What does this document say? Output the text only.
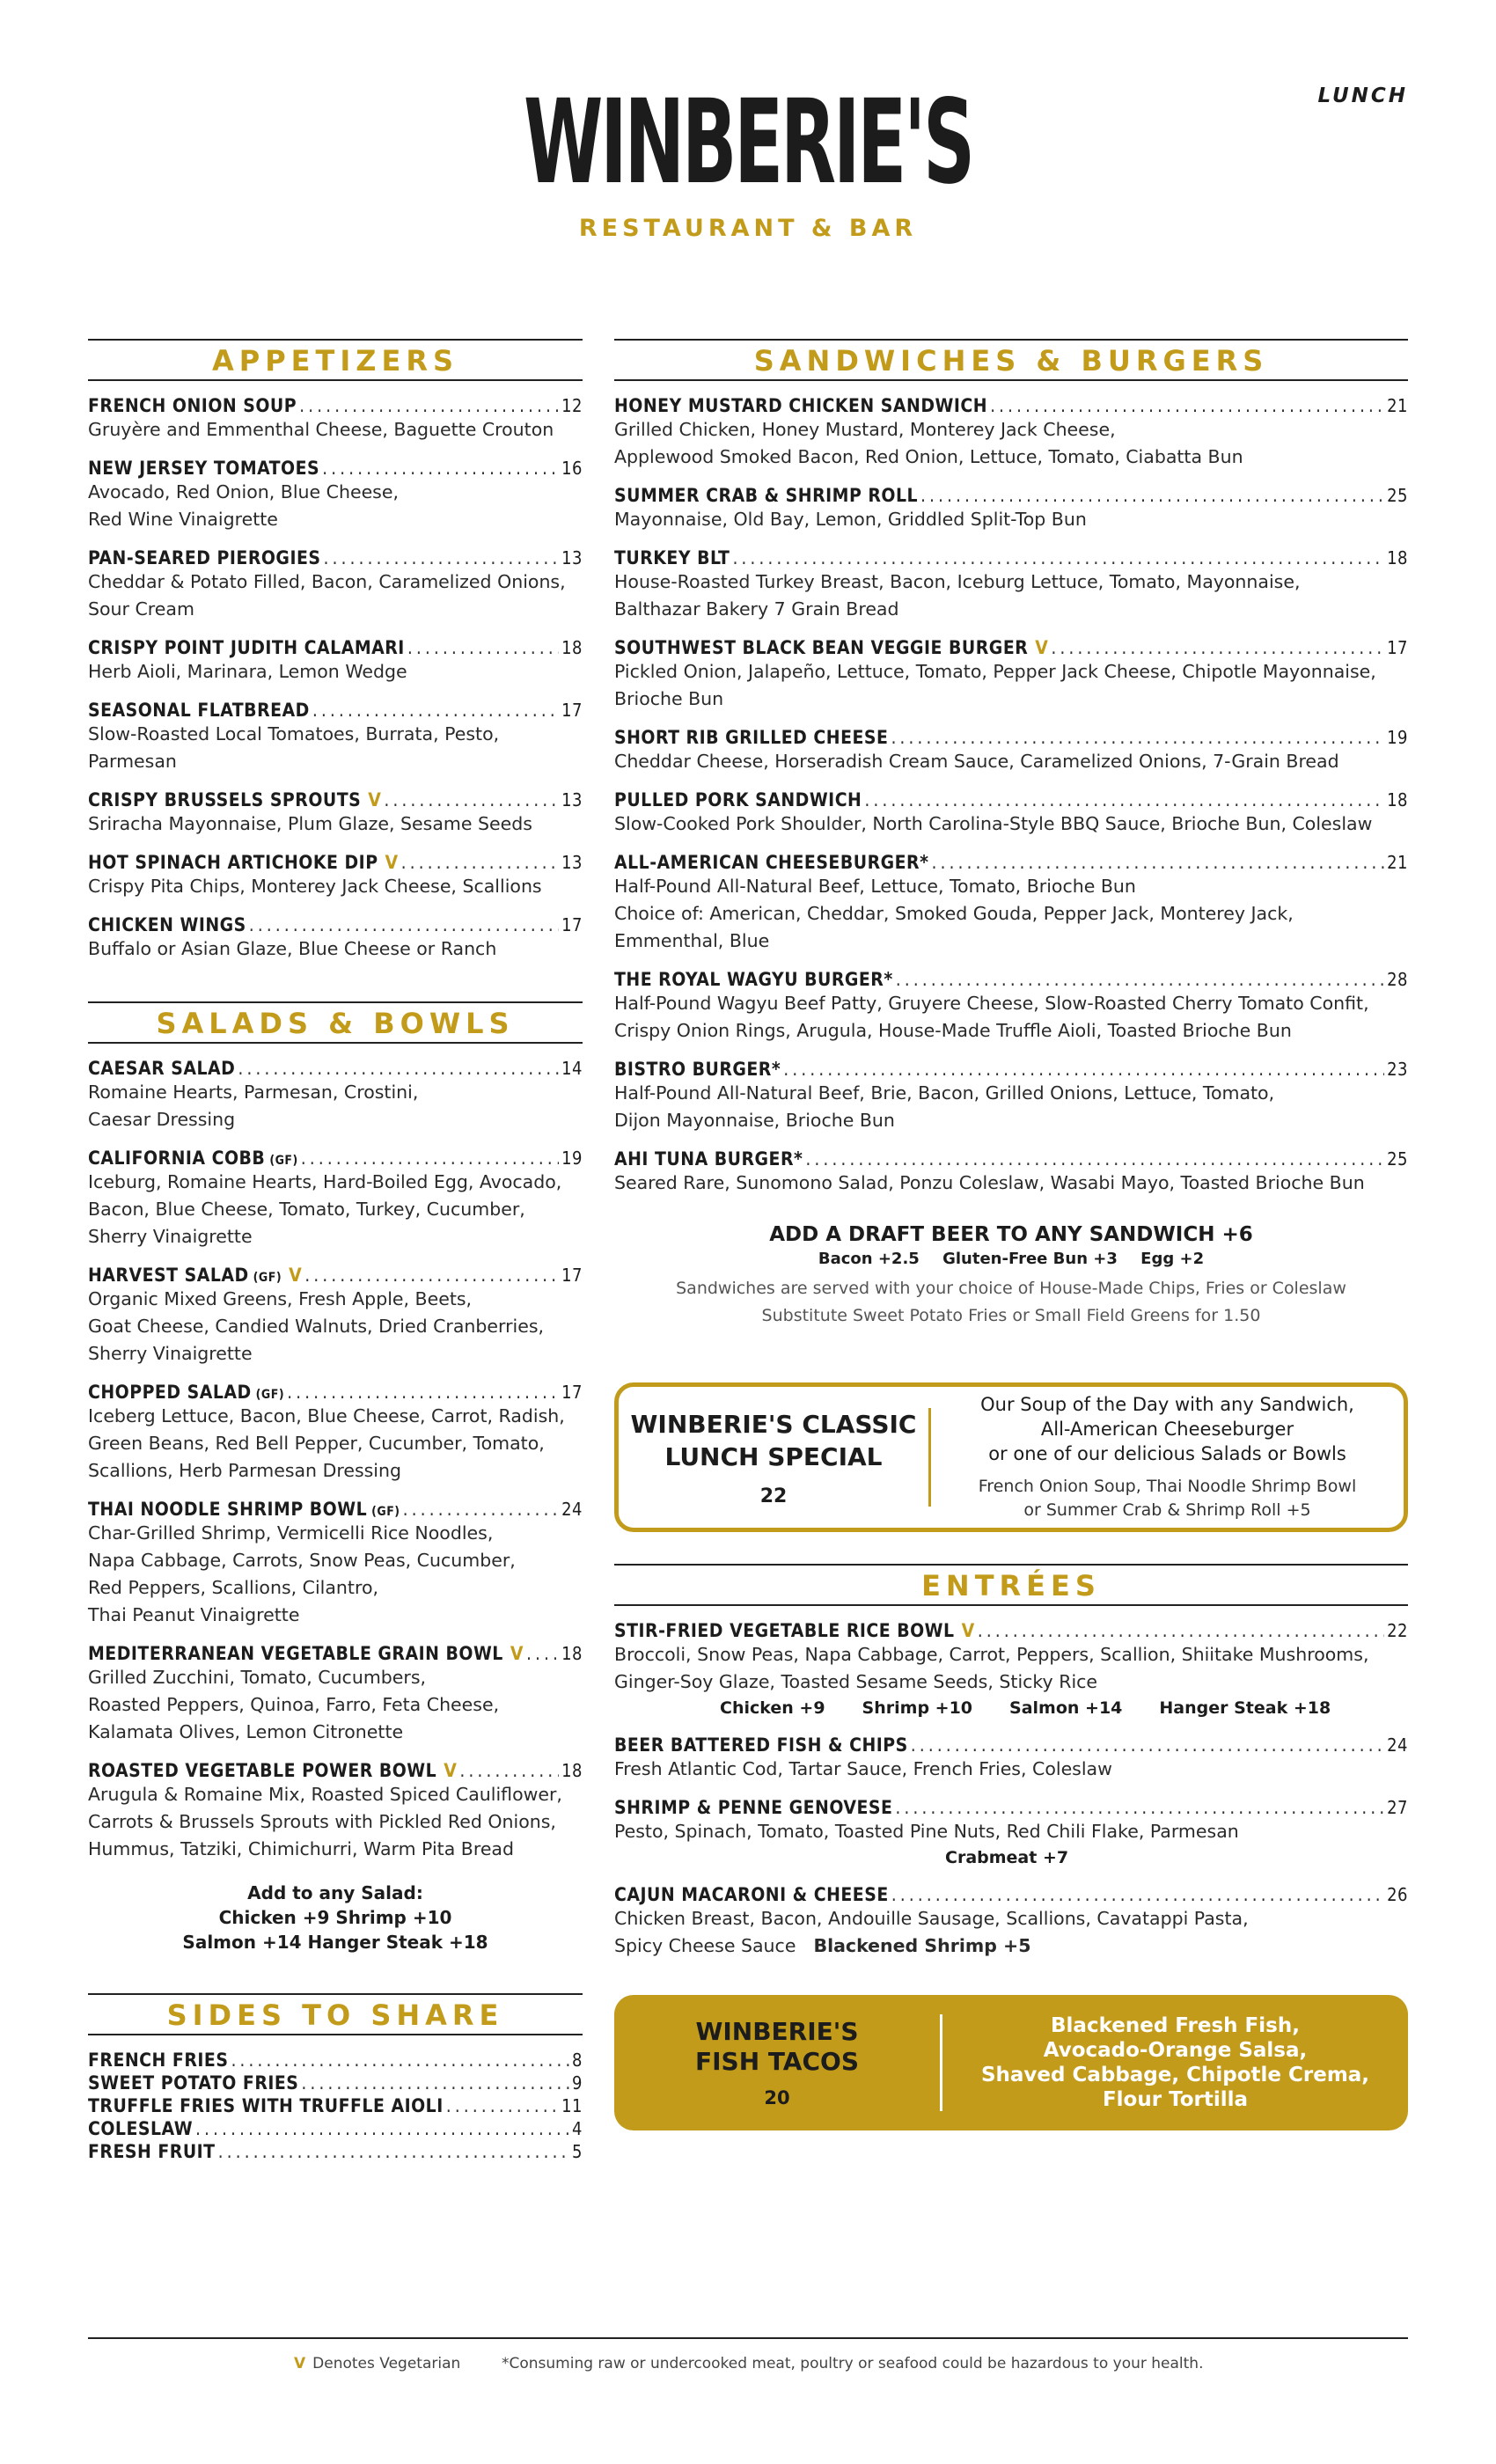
LUNCH
WINBERIE'S
RESTAURANT & BAR
APPETIZERS
FRENCH ONION SOUP . . .	12
Gruyère and Emmenthal Cheese, Baguette Crouton
NEW JERSEY TOMATOES . . .	16
Avocado, Red Onion, Blue Cheese,
Red Wine Vinaigrette
PAN-SEARED PIEROGIES . . .	13
Cheddar & Potato Filled, Bacon, Caramelized Onions,
Sour Cream
CRISPY POINT JUDITH CALAMARI . . .	18
Herb Aioli, Marinara, Lemon Wedge
SEASONAL FLATBREAD . . .	17
Slow-Roasted Local Tomatoes, Burrata, Pesto,
Parmesan
CRISPY BRUSSELS SPROUTS V . . .	13
Sriracha Mayonnaise, Plum Glaze, Sesame Seeds
HOT SPINACH ARTICHOKE DIP V . . .	13
Crispy Pita Chips, Monterey Jack Cheese, Scallions
CHICKEN WINGS . . .	17
Buffalo or Asian Glaze, Blue Cheese or Ranch
SALADS & BOWLS
CAESAR SALAD . . .	14
Romaine Hearts, Parmesan, Crostini,
Caesar Dressing
CALIFORNIA COBB (GF) . . .	19
Iceburg, Romaine Hearts, Hard-Boiled Egg, Avocado,
Bacon, Blue Cheese, Tomato, Turkey, Cucumber,
Sherry Vinaigrette
HARVEST SALAD (GF) V . . .	17
Organic Mixed Greens, Fresh Apple, Beets,
Goat Cheese, Candied Walnuts, Dried Cranberries,
Sherry Vinaigrette
CHOPPED SALAD (GF) . . .	17
Iceberg Lettuce, Bacon, Blue Cheese, Carrot, Radish,
Green Beans, Red Bell Pepper, Cucumber, Tomato,
Scallions, Herb Parmesan Dressing
THAI NOODLE SHRIMP BOWL (GF) . . .	24
Char-Grilled Shrimp, Vermicelli Rice Noodles,
Napa Cabbage, Carrots, Snow Peas, Cucumber,
Red Peppers, Scallions, Cilantro,
Thai Peanut Vinaigrette
MEDITERRANEAN VEGETABLE GRAIN BOWL V . . . 18
Grilled Zucchini, Tomato, Cucumbers,
Roasted Peppers, Quinoa, Farro, Feta Cheese,
Kalamata Olives, Lemon Citronette
ROASTED VEGETABLE POWER BOWL V . . .	18
Arugula & Romaine Mix, Roasted Spiced Cauliflower,
Carrots & Brussels Sprouts with Pickled Red Onions,
Hummus, Tatziki, Chimichurri, Warm Pita Bread
Add to any Salad:
Chicken +9 Shrimp +10
Salmon +14 Hanger Steak +18
SIDES TO SHARE
FRENCH FRIES . . .	8
SWEET POTATO FRIES . . .	9
TRUFFLE FRIES WITH TRUFFLE AIOLI . . .	11
COLESLAW . . .	4
FRESH FRUIT . . .	5
SANDWICHES & BURGERS
HONEY MUSTARD CHICKEN SANDWICH . . .	21
Grilled Chicken, Honey Mustard, Monterey Jack Cheese,
Applewood Smoked Bacon, Red Onion, Lettuce, Tomato, Ciabatta Bun
SUMMER CRAB & SHRIMP ROLL . . .	25
Mayonnaise, Old Bay, Lemon, Griddled Split-Top Bun
TURKEY BLT . . .	18
House-Roasted Turkey Breast, Bacon, Iceburg Lettuce, Tomato, Mayonnaise,
Balthazar Bakery 7 Grain Bread
SOUTHWEST BLACK BEAN VEGGIE BURGER V . . .	17
Pickled Onion, Jalapeño, Lettuce, Tomato, Pepper Jack Cheese, Chipotle Mayonnaise,
Brioche Bun
SHORT RIB GRILLED CHEESE . . .	19
Cheddar Cheese, Horseradish Cream Sauce, Caramelized Onions, 7-Grain Bread
PULLED PORK SANDWICH . . .	18
Slow-Cooked Pork Shoulder, North Carolina-Style BBQ Sauce, Brioche Bun, Coleslaw
ALL-AMERICAN CHEESEBURGER* . . .	21
Half-Pound All-Natural Beef, Lettuce, Tomato, Brioche Bun
Choice of: American, Cheddar, Smoked Gouda, Pepper Jack, Monterey Jack,
Emmenthal, Blue
THE ROYAL WAGYU BURGER* . . .	28
Half-Pound Wagyu Beef Patty, Gruyere Cheese, Slow-Roasted Cherry Tomato Confit,
Crispy Onion Rings, Arugula, House-Made Truffle Aioli, Toasted Brioche Bun
BISTRO BURGER* . . .	23
Half-Pound All-Natural Beef, Brie, Bacon, Grilled Onions, Lettuce, Tomato,
Dijon Mayonnaise, Brioche Bun
AHI TUNA BURGER* . . .	25
Seared Rare, Sunomono Salad, Ponzu Coleslaw, Wasabi Mayo, Toasted Brioche Bun
ADD A DRAFT BEER TO ANY SANDWICH +6
Bacon +2.5 Gluten-Free Bun +3 Egg +2
Sandwiches are served with your choice of House-Made Chips, Fries or Coleslaw
Substitute Sweet Potato Fries or Small Field Greens for 1.50
WINBERIE'S CLASSIC
LUNCH SPECIAL
22
Our Soup of the Day with any Sandwich,
All-American Cheeseburger
or one of our delicious Salads or Bowls
French Onion Soup, Thai Noodle Shrimp Bowl
or Summer Crab & Shrimp Roll +5
ENTRÉES
STIR-FRIED VEGETABLE RICE BOWL V . . .	22
Broccoli, Snow Peas, Napa Cabbage, Carrot, Peppers, Scallion, Shiitake Mushrooms,
Ginger-Soy Glaze, Toasted Sesame Seeds, Sticky Rice
Chicken +9 Shrimp +10 Salmon +14 Hanger Steak +18
BEER BATTERED FISH & CHIPS . . .	24
Fresh Atlantic Cod, Tartar Sauce, French Fries, Coleslaw
SHRIMP & PENNE GENOVESE . . .	27
Pesto, Spinach, Tomato, Toasted Pine Nuts, Red Chili Flake, Parmesan
Crabmeat +7
CAJUN MACARONI & CHEESE . . .	26
Chicken Breast, Bacon, Andouille Sausage, Scallions, Cavatappi Pasta,
Spicy Cheese Sauce Blackened Shrimp +5
WINBERIE'S
FISH TACOS
20
Blackened Fresh Fish,
Avocado-Orange Salsa,
Shaved Cabbage, Chipotle Crema,
Flour Tortilla
V Denotes Vegetarian	*Consuming raw or undercooked meat, poultry or seafood could be hazardous to your health.
